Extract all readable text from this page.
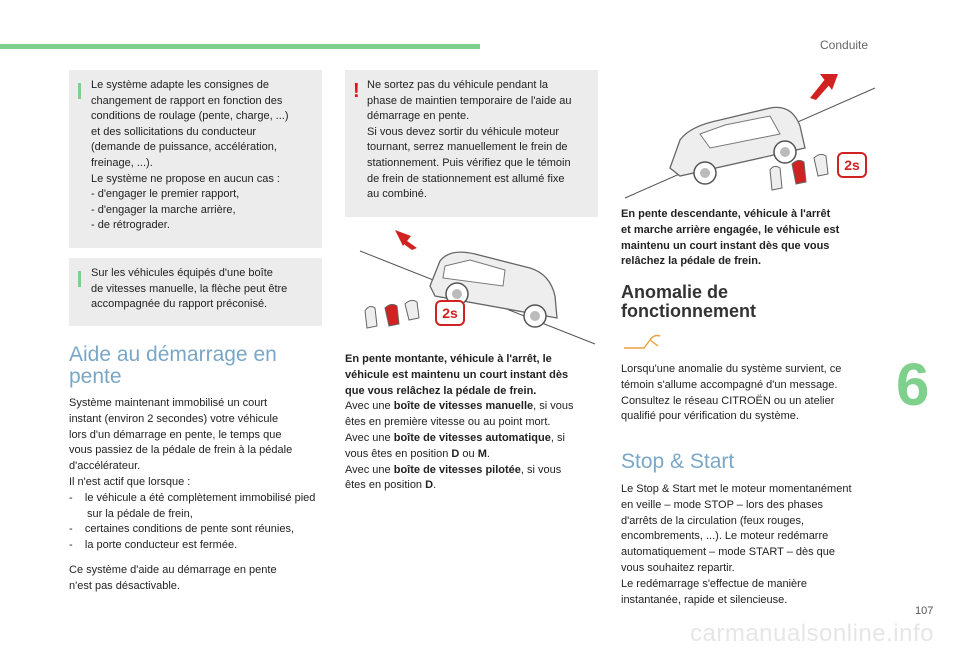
Conduite

Le système adapte les consignes de

changement de rapport en fonction des

conditions de roulage (pente, charge, ...)

et des sollicitations du conducteur

(demande de puissance, accélération,

freinage, ...).

Le système ne propose en aucun cas :

- d'engager le premier rapport,

- d'engager la marche arrière,

- de rétrograder.

Sur les véhicules équipés d'une boîte

de vitesses manuelle, la flèche peut être

accompagnée du rapport préconisé.

! Ne sortez pas du véhicule pendant la

phase de maintien temporaire de l'aide au

démarrage en pente.

Si vous devez sortir du véhicule moteur

tournant, serrez manuellement le frein de

stationnement. Puis vérifiez que le témoin

de frein de stationnement est allumé fixe

au combiné.

Aide au démarrage en
pente

Système maintenant immobilisé un court

instant (environ 2 secondes) votre véhicule

lors d'un démarrage en pente, le temps que

vous passiez de la pédale de frein à la pédale

d'accélérateur.

Il n'est actif que lorsque :

-    le véhicule a été complètement immobilisé pied sur la pédale de frein,

-    certaines conditions de pente sont réunies,

-    la porte conducteur est fermée.

Ce système d'aide au démarrage en pente

n'est pas désactivable.

2s

En pente montante, véhicule à l'arrêt, le

véhicule est maintenu un court instant dès

que vous relâchez la pédale de frein.

Avec une boîte de vitesses manuelle, si vous

êtes en première vitesse ou au point mort.

Avec une boîte de vitesses automatique, si

vous êtes en position D ou M.

Avec une boîte de vitesses pilotée, si vous

êtes en position D.

2s

En pente descendante, véhicule à l'arrêt

et marche arrière engagée, le véhicule est

maintenu un court instant dès que vous

relâchez la pédale de frein.

Anomalie de
fonctionnement

Lorsqu'une anomalie du système survient, ce

témoin s'allume accompagné d'un message.

Consultez le réseau CITROËN ou un atelier

qualifié pour vérification du système.

Stop & Start

Le Stop & Start met le moteur momentanément

en veille – mode STOP – lors des phases

d'arrêts de la circulation (feux rouges,

encombrements, ...). Le moteur redémarre

automatiquement – mode START – dès que

vous souhaitez repartir.

Le redémarrage s'effectue de manière

instantanée, rapide et silencieuse.

6
107
carmanualsonline.info
